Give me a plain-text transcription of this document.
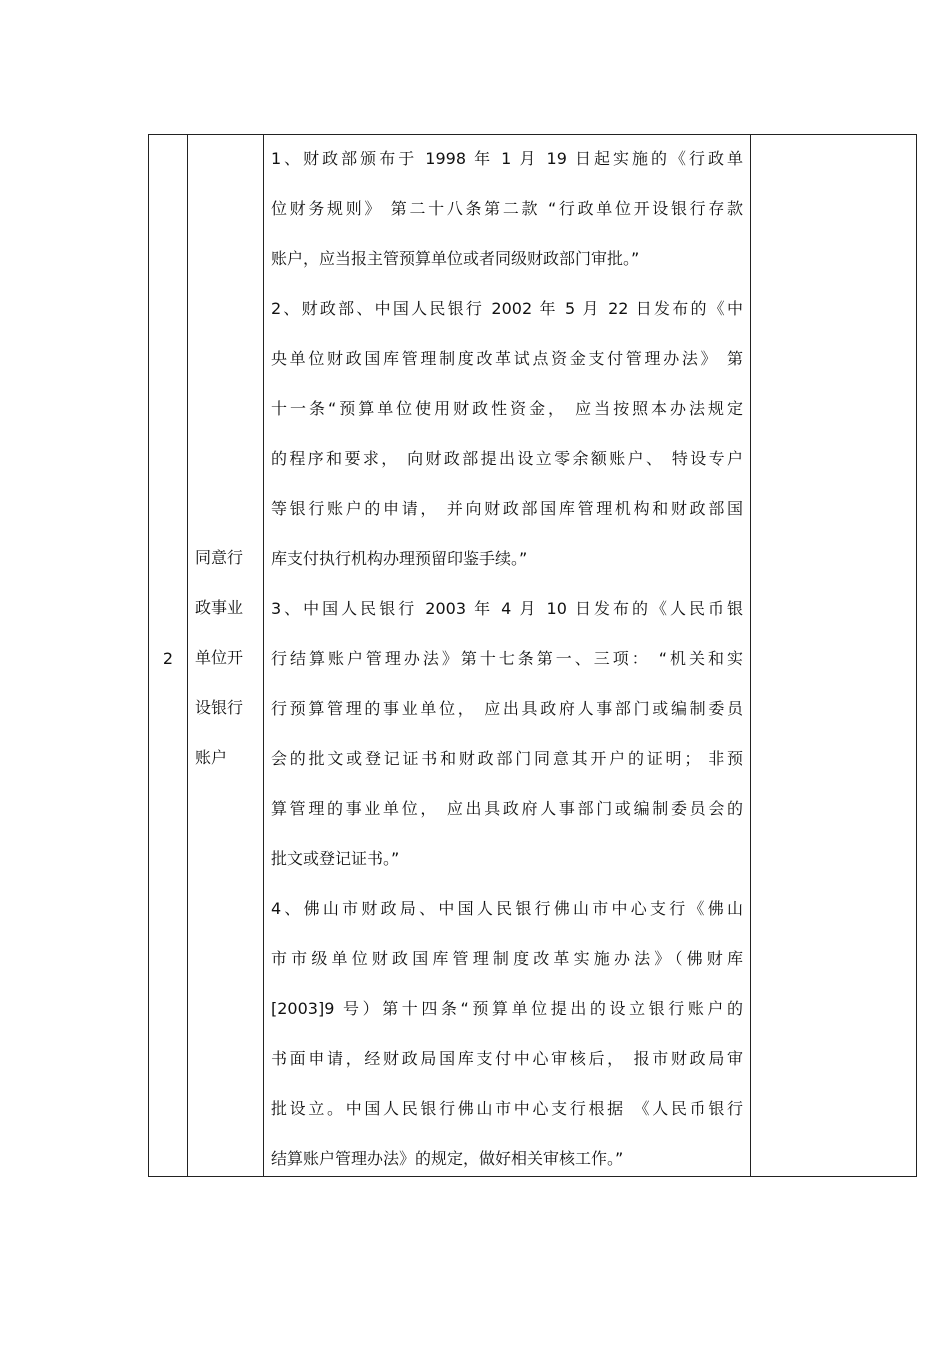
2
同意行
政事业
单位开
设银行
账户
1、财政部颁布于 1998 年 1 月 19 日起实施的《行政单
位财务规则》 第二十八条第二款 “行政单位开设银行存款
账户，应当报主管预算单位或者同级财政部门审批。”
2、财政部、中国人民银行 2002 年 5 月 22 日发布的《中
央单位财政国库管理制度改革试点资金支付管理办法》 第
十一条“预算单位使用财政性资金， 应当按照本办法规定
的程序和要求， 向财政部提出设立零余额账户、 特设专户
等银行账户的申请， 并向财政部国库管理机构和财政部国
库支付执行机构办理预留印鉴手续。”
3、中国人民银行 2003 年 4 月 10 日发布的《人民币银
行结算账户管理办法》第十七条第一、三项： “机关和实
行预算管理的事业单位， 应出具政府人事部门或编制委员
会的批文或登记证书和财政部门同意其开户的证明； 非预
算管理的事业单位， 应出具政府人事部门或编制委员会的
批文或登记证书。”
4、佛山市财政局、中国人民银行佛山市中心支行《佛山
市市级单位财政国库管理制度改革实施办法》（佛财库
[2003]9 号）第十四条“预算单位提出的设立银行账户的
书面申请，经财政局国库支付中心审核后， 报市财政局审
批设立。中国人民银行佛山市中心支行根据 《人民币银行
结算账户管理办法》的规定，做好相关审核工作。”
